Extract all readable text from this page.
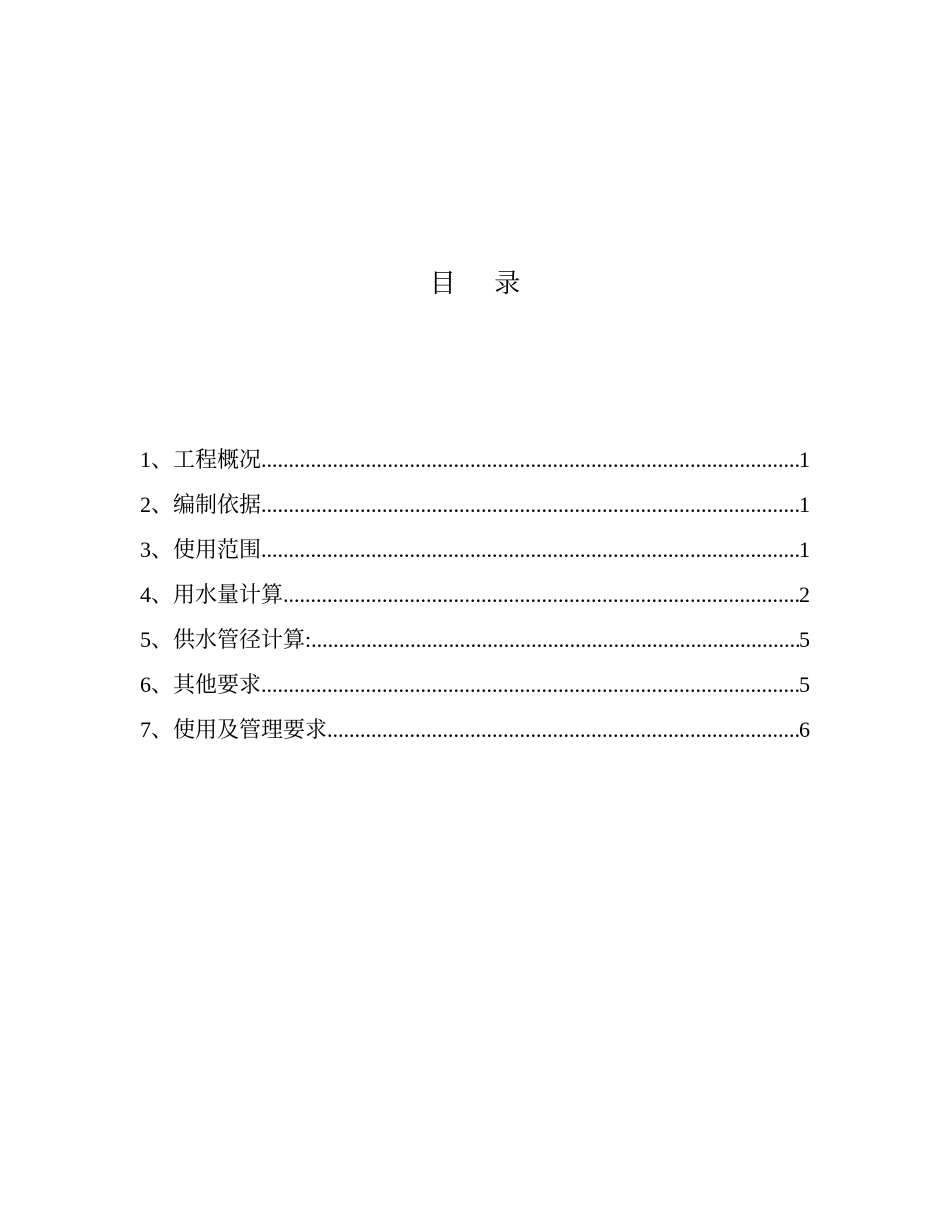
目 录
1、工程概况 .....	1
2、编制依据 .....	1
3、使用范围 .....	1
4、用水量计算 .....	2
5、供水管径计算: .....	5
6、其他要求 .....	5
7、使用及管理要求 .....	6
